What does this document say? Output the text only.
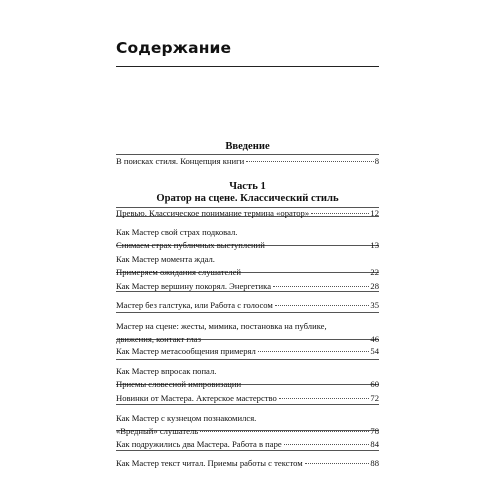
Содержание
Введение
Часть 1
Оратор на сцене. Классический стиль
В поисках стиля. Концепция книги	8
Превью. Классическое понимание термина «оратор»	12
Как Мастер свой страх подковал.
Снимаем страх публичных выступлений	13
Как Мастер момента ждал.
Примеряем ожидания слушателей	22
Как Мастер вершину покорял. Энергетика	28
Мастер без галстука, или Работа с голосом	35
Мастер на сцене: жесты, мимика, постановка на публике,
движения, контакт глаз	46
Как Мастер метасообщения примерял	54
Как Мастер впросак попал.
Приемы словесной импровизации	60
Новинки от Мастера. Актерское мастерство	72
Как Мастер с кузнецом познакомился.
«Вредный» слушатель	78
Как подружились два Мастера. Работа в паре	84
Как Мастер текст читал. Приемы работы с текстом	88
